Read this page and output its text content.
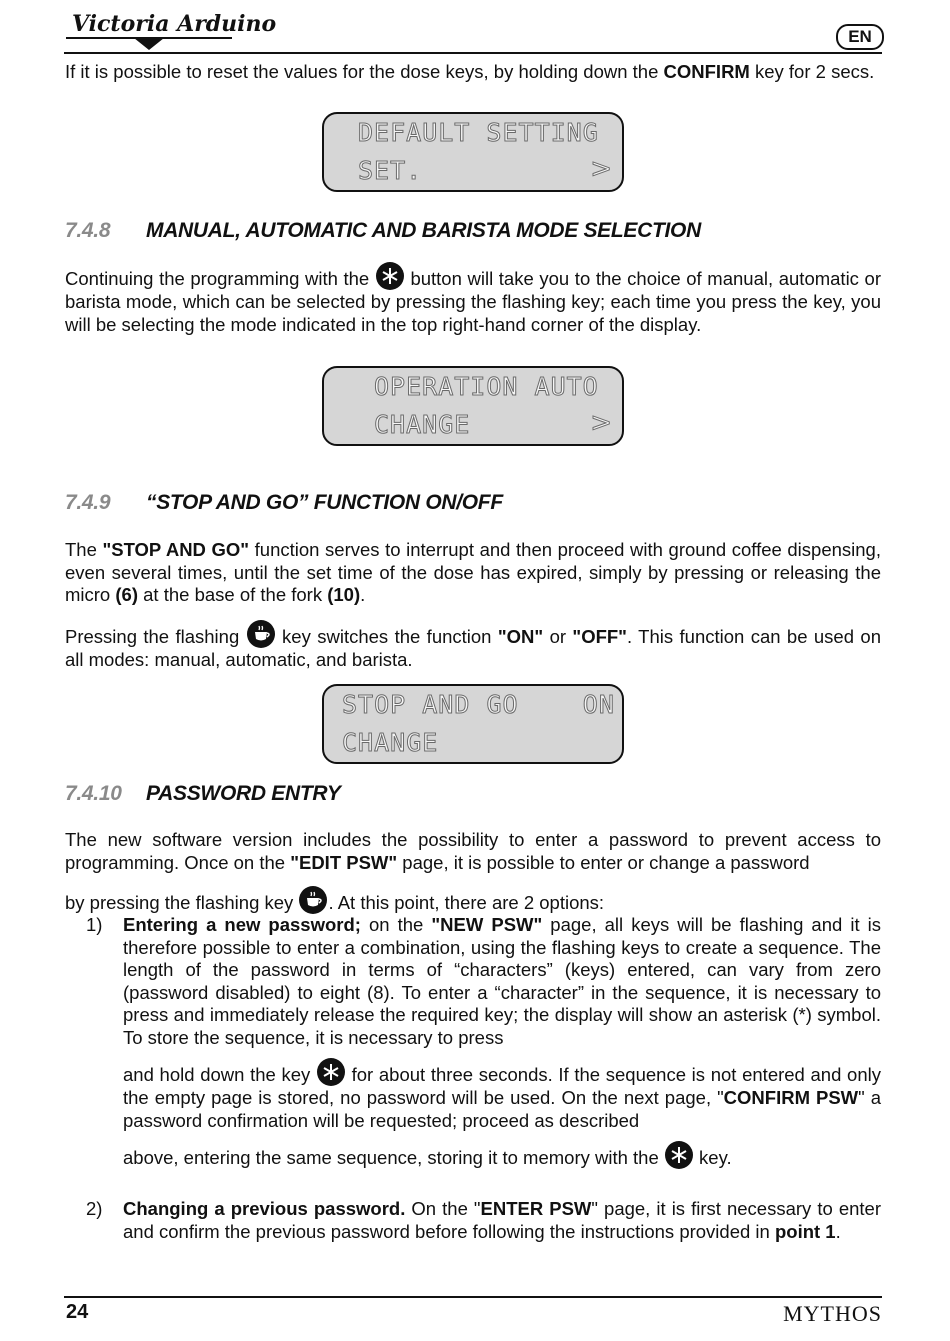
Victoria Arduino	EN
If it is possible to reset the values for the dose keys, by holding down the CONFIRM key for 2 secs.
DEFAULT SETTING
SET.	>
7.4.8 MANUAL, AUTOMATIC AND BARISTA MODE SELECTION
Continuing the programming with the  button will take you to the choice of manual, automatic or barista mode, which can be selected by pressing the flashing key; each time you press the key, you will be selecting the mode indicated in the top right-hand corner of the display.
OPERATION AUTO
CHANGE	>
7.4.9 “STOP AND GO” FUNCTION ON/OFF
The "STOP AND GO" function serves to interrupt and then proceed with ground coffee dispensing, even several times, until the set time of the dose has expired, simply by pressing or releasing the micro (6) at the base of the fork (10).
Pressing the flashing  key switches the function "ON" or "OFF". This function can be used on all modes: manual, automatic, and barista.
STOP AND GO    ON
CHANGE
7.4.10 PASSWORD ENTRY
The new software version includes the possibility to enter a password to prevent access to programming. Once on the "EDIT PSW" page, it is possible to enter or change a password
by pressing the flashing key . At this point, there are 2 options:
1) Entering a new password; on the "NEW PSW" page, all keys will be flashing and it is therefore possible to enter a combination, using the flashing keys to create a sequence. The length of the password in terms of “characters” (keys) entered, can vary from zero (password disabled) to eight (8). To enter a “character” in the sequence, it is necessary to press and immediately release the required key; the display will show an asterisk (*) symbol. To store the sequence, it is necessary to press
and hold down the key  for about three seconds. If the sequence is not entered and only the empty page is stored, no password will be used. On the next page, "CONFIRM PSW" a password confirmation will be requested; proceed as described
above, entering the same sequence, storing it to memory with the  key.
2) Changing a previous password. On the "ENTER PSW" page, it is first necessary to enter and confirm the previous password before following the instructions provided in point 1.
24	MYTHOS
